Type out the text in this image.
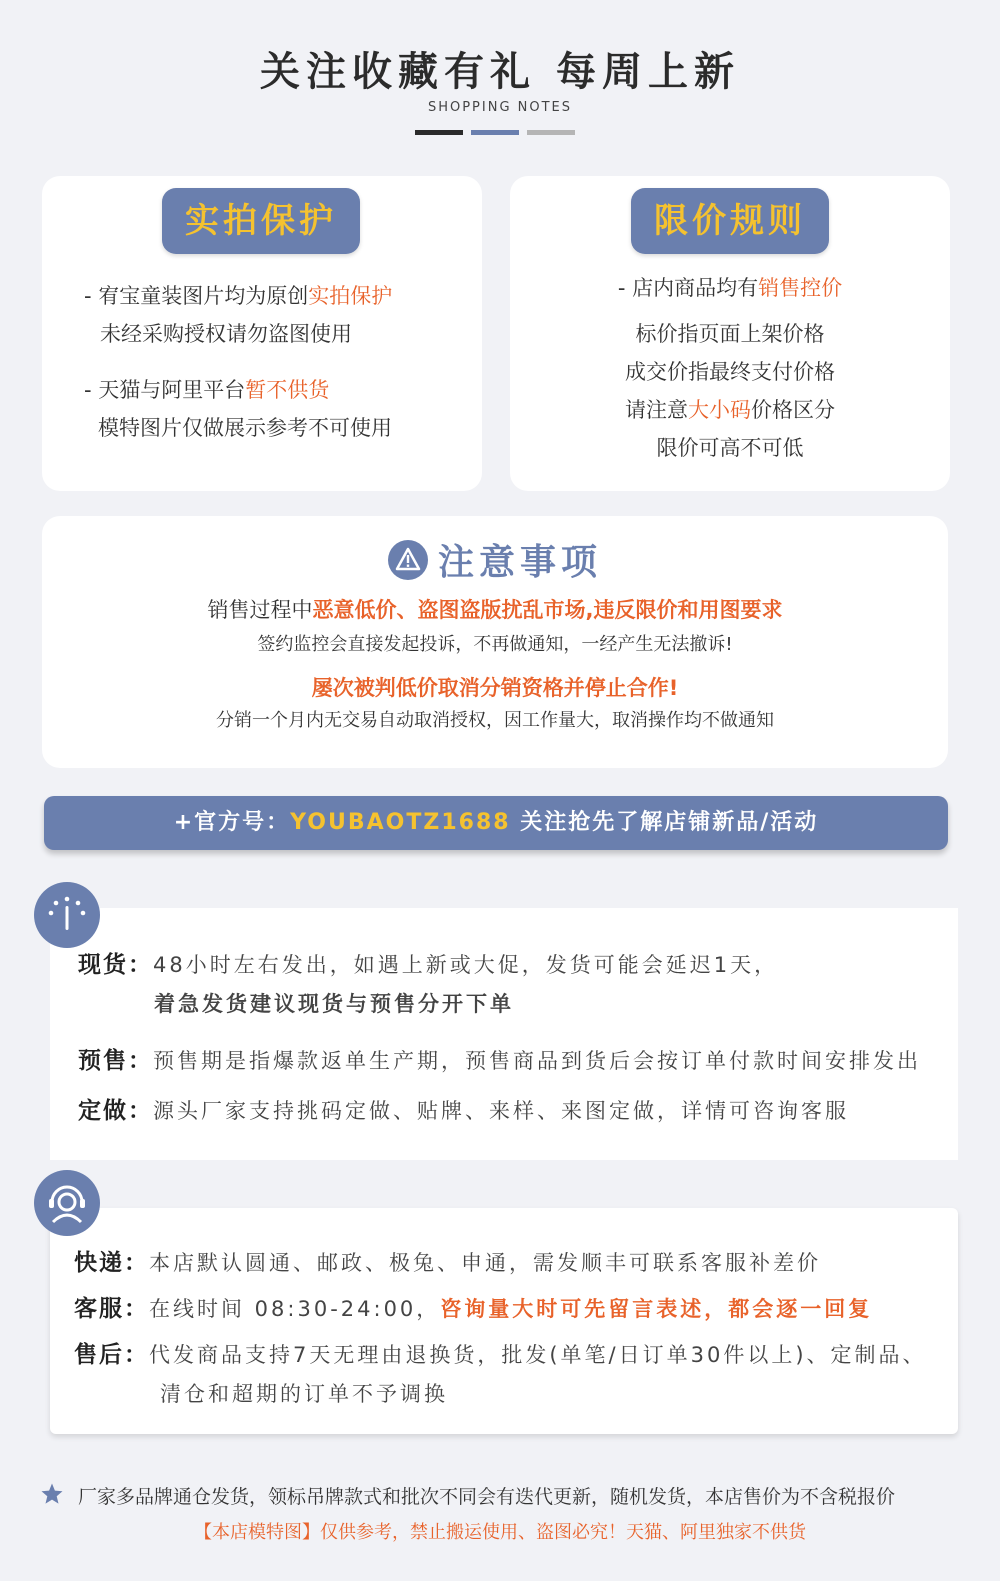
关注收藏有礼 每周上新
SHOPPING NOTES
实拍保护
- 宥宝童装图片均为原创实拍保护
未经采购授权请勿盗图使用
- 天猫与阿里平台暂不供货
模特图片仅做展示参考不可使用
限价规则
- 店内商品均有销售控价
标价指页面上架价格
成交价指最终支付价格
请注意大小码价格区分
限价可高不可低
注意事项
销售过程中恶意低价、盗图盗版扰乱市场,违反限价和用图要求
签约监控会直接发起投诉，不再做通知，一经产生无法撤诉!
屡次被判低价取消分销资格并停止合作!
分销一个月内无交易自动取消授权，因工作量大，取消操作均不做通知
+官方号：YOUBAOTZ1688 关注抢先了解店铺新品/活动
现货：48小时左右发出，如遇上新或大促，发货可能会延迟1天，
着急发货建议现货与预售分开下单
预售：预售期是指爆款返单生产期，预售商品到货后会按订单付款时间安排发出
定做：源头厂家支持挑码定做、贴牌、来样、来图定做，详情可咨询客服
快递：本店默认圆通、邮政、极兔、申通，需发顺丰可联系客服补差价
客服：在线时间 08:30-24:00，咨询量大时可先留言表述，都会逐一回复
售后：代发商品支持7天无理由退换货，批发(单笔/日订单30件以上)、定制品、
清仓和超期的订单不予调换
厂家多品牌通仓发货，领标吊牌款式和批次不同会有迭代更新，随机发货，本店售价为不含税报价
【本店模特图】仅供参考，禁止搬运使用、盗图必究！天猫、阿里独家不供货
